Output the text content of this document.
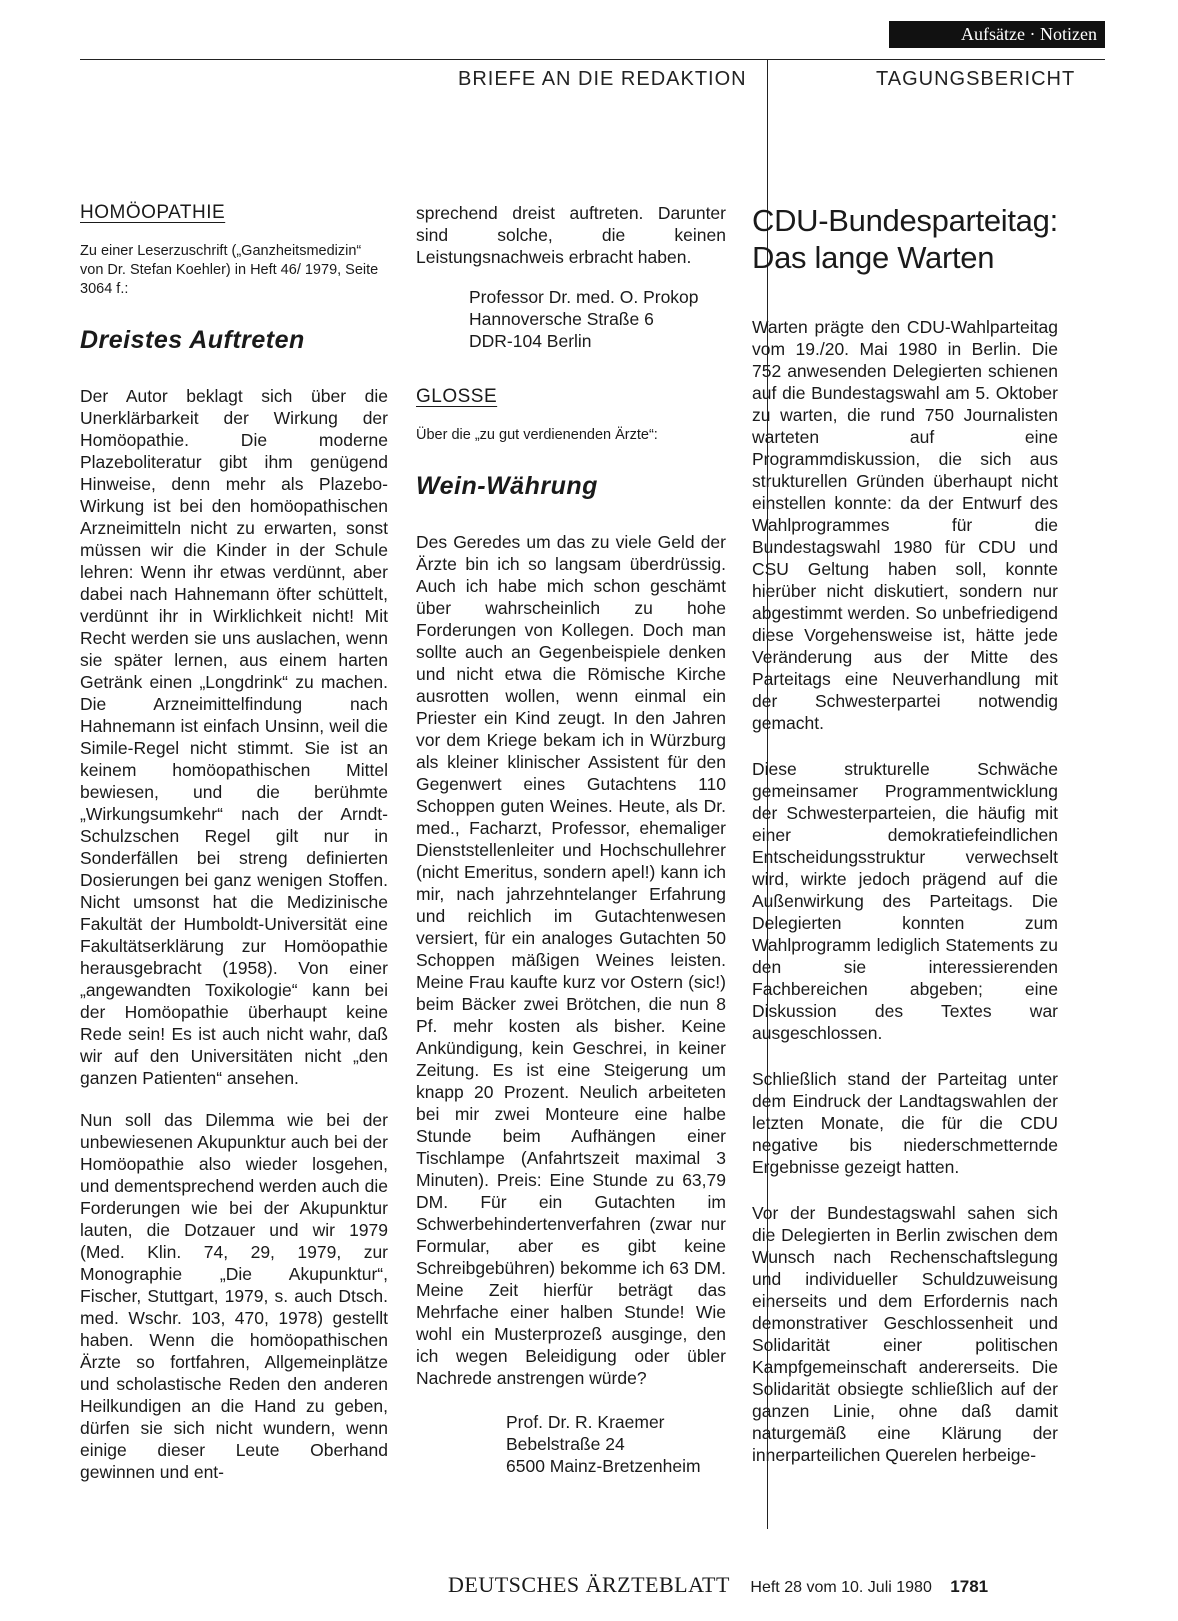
Aufsätze · Notizen
BRIEFE AN DIE REDAKTION	TAGUNGSBERICHT
HOMÖOPATHIE

Zu einer Leserzuschrift („Ganzheitsmedizin“ von Dr. Stefan Koehler) in Heft 46/ 1979, Seite 3064 f.:

Dreistes Auftreten

Der Autor beklagt sich über die Unerklärbarkeit der Wirkung der Homöopathie. Die moderne Plazeboliteratur gibt ihm genügend Hinweise, denn mehr als Plazebo-Wirkung ist bei den homöopathischen Arzneimitteln nicht zu erwarten, sonst müssen wir die Kinder in der Schule lehren: Wenn ihr etwas verdünnt, aber dabei nach Hahnemann öfter schüttelt, verdünnt ihr in Wirklichkeit nicht! Mit Recht werden sie uns auslachen, wenn sie später lernen, aus einem harten Getränk einen „Longdrink“ zu machen. Die Arzneimittelfindung nach Hahnemann ist einfach Unsinn, weil die Simile-Regel nicht stimmt. Sie ist an keinem homöopathischen Mittel bewiesen, und die berühmte „Wirkungsumkehr“ nach der Arndt-Schulzschen Regel gilt nur in Sonderfällen bei streng definierten Dosierungen bei ganz wenigen Stoffen. Nicht umsonst hat die Medizinische Fakultät der Humboldt-Universität eine Fakultätserklärung zur Homöopathie herausgebracht (1958). Von einer „angewandten Toxikologie“ kann bei der Homöopathie überhaupt keine Rede sein! Es ist auch nicht wahr, daß wir auf den Universitäten nicht „den ganzen Patienten“ ansehen.

Nun soll das Dilemma wie bei der unbewiesenen Akupunktur auch bei der Homöopathie also wieder losgehen, und dementsprechend werden auch die Forderungen wie bei der Akupunktur lauten, die Dotzauer und wir 1979 (Med. Klin. 74, 29, 1979, zur Monographie „Die Akupunktur“, Fischer, Stuttgart, 1979, s. auch Dtsch. med. Wschr. 103, 470, 1978) gestellt haben. Wenn die homöopathischen Ärzte so fortfahren, Allgemeinplätze und scholastische Reden den anderen Heilkundigen an die Hand zu geben, dürfen sie sich nicht wundern, wenn einige dieser Leute Oberhand gewinnen und ent-

sprechend dreist auftreten. Darunter sind solche, die keinen Leistungsnachweis erbracht haben.

Professor Dr. med. O. Prokop
Hannoversche Straße 6
DDR-104 Berlin
GLOSSE

Über die „zu gut verdienenden Ärzte“:

Wein-Währung

Des Geredes um das zu viele Geld der Ärzte bin ich so langsam überdrüssig. Auch ich habe mich schon geschämt über wahrscheinlich zu hohe Forderungen von Kollegen. Doch man sollte auch an Gegenbeispiele denken und nicht etwa die Römische Kirche ausrotten wollen, wenn einmal ein Priester ein Kind zeugt. In den Jahren vor dem Kriege bekam ich in Würzburg als kleiner klinischer Assistent für den Gegenwert eines Gutachtens 110 Schoppen guten Weines. Heute, als Dr. med., Facharzt, Professor, ehemaliger Dienststellenleiter und Hochschullehrer (nicht Emeritus, sondern apel!) kann ich mir, nach jahrzehntelanger Erfahrung und reichlich im Gutachtenwesen versiert, für ein analoges Gutachten 50 Schoppen mäßigen Weines leisten. Meine Frau kaufte kurz vor Ostern (sic!) beim Bäcker zwei Brötchen, die nun 8 Pf. mehr kosten als bisher. Keine Ankündigung, kein Geschrei, in keiner Zeitung. Es ist eine Steigerung um knapp 20 Prozent. Neulich arbeiteten bei mir zwei Monteure eine halbe Stunde beim Aufhängen einer Tischlampe (Anfahrtszeit maximal 3 Minuten). Preis: Eine Stunde zu 63,79 DM. Für ein Gutachten im Schwerbehindertenverfahren (zwar nur Formular, aber es gibt keine Schreibgebühren) bekomme ich 63 DM. Meine Zeit hierfür beträgt das Mehrfache einer halben Stunde! Wie wohl ein Musterprozeß ausginge, den ich wegen Beleidigung oder übler Nachrede anstrengen würde?

Prof. Dr. R. Kraemer
Bebelstraße 24
6500 Mainz-Bretzenheim
CDU-Bundesparteitag: Das lange Warten

Warten prägte den CDU-Wahlparteitag vom 19./20. Mai 1980 in Berlin. Die 752 anwesenden Delegierten schienen auf die Bundestagswahl am 5. Oktober zu warten, die rund 750 Journalisten warteten auf eine Programmdiskussion, die sich aus strukturellen Gründen überhaupt nicht einstellen konnte: da der Entwurf des Wahlprogrammes für die Bundestagswahl 1980 für CDU und CSU Geltung haben soll, konnte hierüber nicht diskutiert, sondern nur abgestimmt werden. So unbefriedigend diese Vorgehensweise ist, hätte jede Veränderung aus der Mitte des Parteitags eine Neuverhandlung mit der Schwesterpartei notwendig gemacht.

Diese strukturelle Schwäche gemeinsamer Programmentwicklung der Schwesterparteien, die häufig mit einer demokratiefeindlichen Entscheidungsstruktur verwechselt wird, wirkte jedoch prägend auf die Außenwirkung des Parteitags. Die Delegierten konnten zum Wahlprogramm lediglich Statements zu den sie interessierenden Fachbereichen abgeben; eine Diskussion des Textes war ausgeschlossen.

Schließlich stand der Parteitag unter dem Eindruck der Landtagswahlen der letzten Monate, die für die CDU negative bis niederschmetternde Ergebnisse gezeigt hatten.

Vor der Bundestagswahl sahen sich die Delegierten in Berlin zwischen dem Wunsch nach Rechenschaftslegung und individueller Schuldzuweisung einerseits und dem Erfordernis nach demonstrativer Geschlossenheit und Solidarität einer politischen Kampfgemeinschaft andererseits. Die Solidarität obsiegte schließlich auf der ganzen Linie, ohne daß damit naturgemäß eine Klärung der innerparteilichen Querelen herbeige-

DEUTSCHES ÄRZTEBLATT Heft 28 vom 10. Juli 1980 1781
